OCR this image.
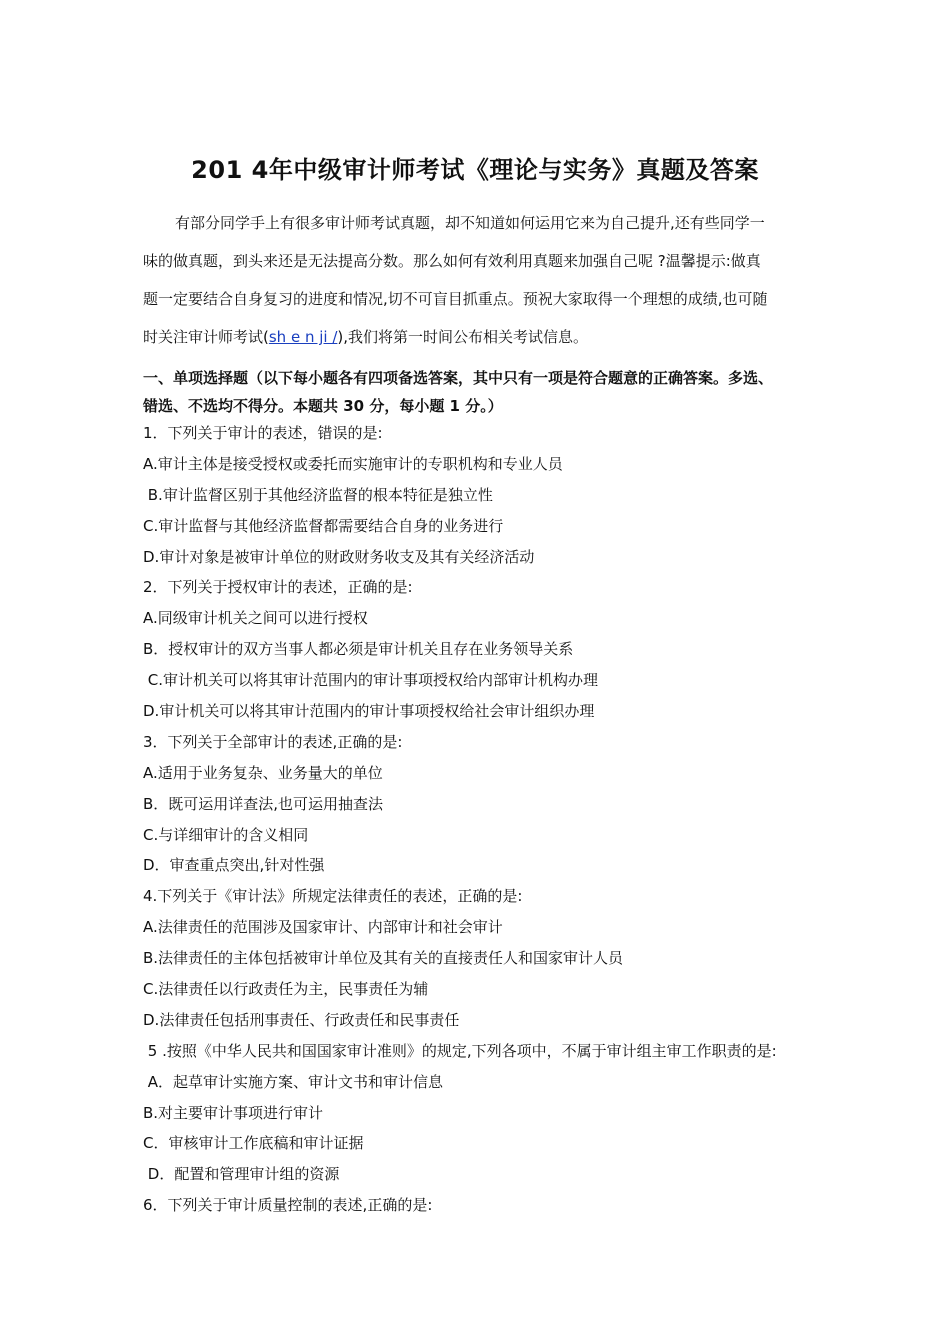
201 4年中级审计师考试《理论与实务》真题及答案
有部分同学手上有很多审计师考试真题，却不知道如何运用它来为自己提升,还有些同学一
味的做真题，到头来还是无法提高分数。那么如何有效利用真题来加强自己呢 ?温馨提示:做真
题一定要结合自身复习的进度和情况,切不可盲目抓重点。预祝大家取得一个理想的成绩,也可随
时关注审计师考试(sh e n ji /),我们将第一时间公布相关考试信息。
一、单项选择题（以下每小题各有四项备选答案，其中只有一项是符合题意的正确答案。多选、
错选、不选均不得分。本题共 30 分，每小题 1 分。）
1．下列关于审计的表述，错误的是:
A.审计主体是接受授权或委托而实施审计的专职机构和专业人员
B.审计监督区别于其他经济监督的根本特征是独立性
C.审计监督与其他经济监督都需要结合自身的业务进行
D.审计对象是被审计单位的财政财务收支及其有关经济活动
2．下列关于授权审计的表述，正确的是:
A.同级审计机关之间可以进行授权
B．授权审计的双方当事人都必须是审计机关且存在业务领导关系
C.审计机关可以将其审计范围内的审计事项授权给内部审计机构办理
D.审计机关可以将其审计范围内的审计事项授权给社会审计组织办理
3．下列关于全部审计的表述,正确的是:
A.适用于业务复杂、业务量大的单位
B．既可运用详查法,也可运用抽查法
C.与详细审计的含义相同
D．审查重点突出,针对性强
4.下列关于《审计法》所规定法律责任的表述，正确的是:
A.法律责任的范围涉及国家审计、内部审计和社会审计
B.法律责任的主体包括被审计单位及其有关的直接责任人和国家审计人员
C.法律责任以行政责任为主，民事责任为辅
D.法律责任包括刑事责任、行政责任和民事责任
5 .按照《中华人民共和国国家审计准则》的规定,下列各项中，不属于审计组主审工作职责的是:
A．起草审计实施方案、审计文书和审计信息
B.对主要审计事项进行审计
C．审核审计工作底稿和审计证据
D．配置和管理审计组的资源
6．下列关于审计质量控制的表述,正确的是:
